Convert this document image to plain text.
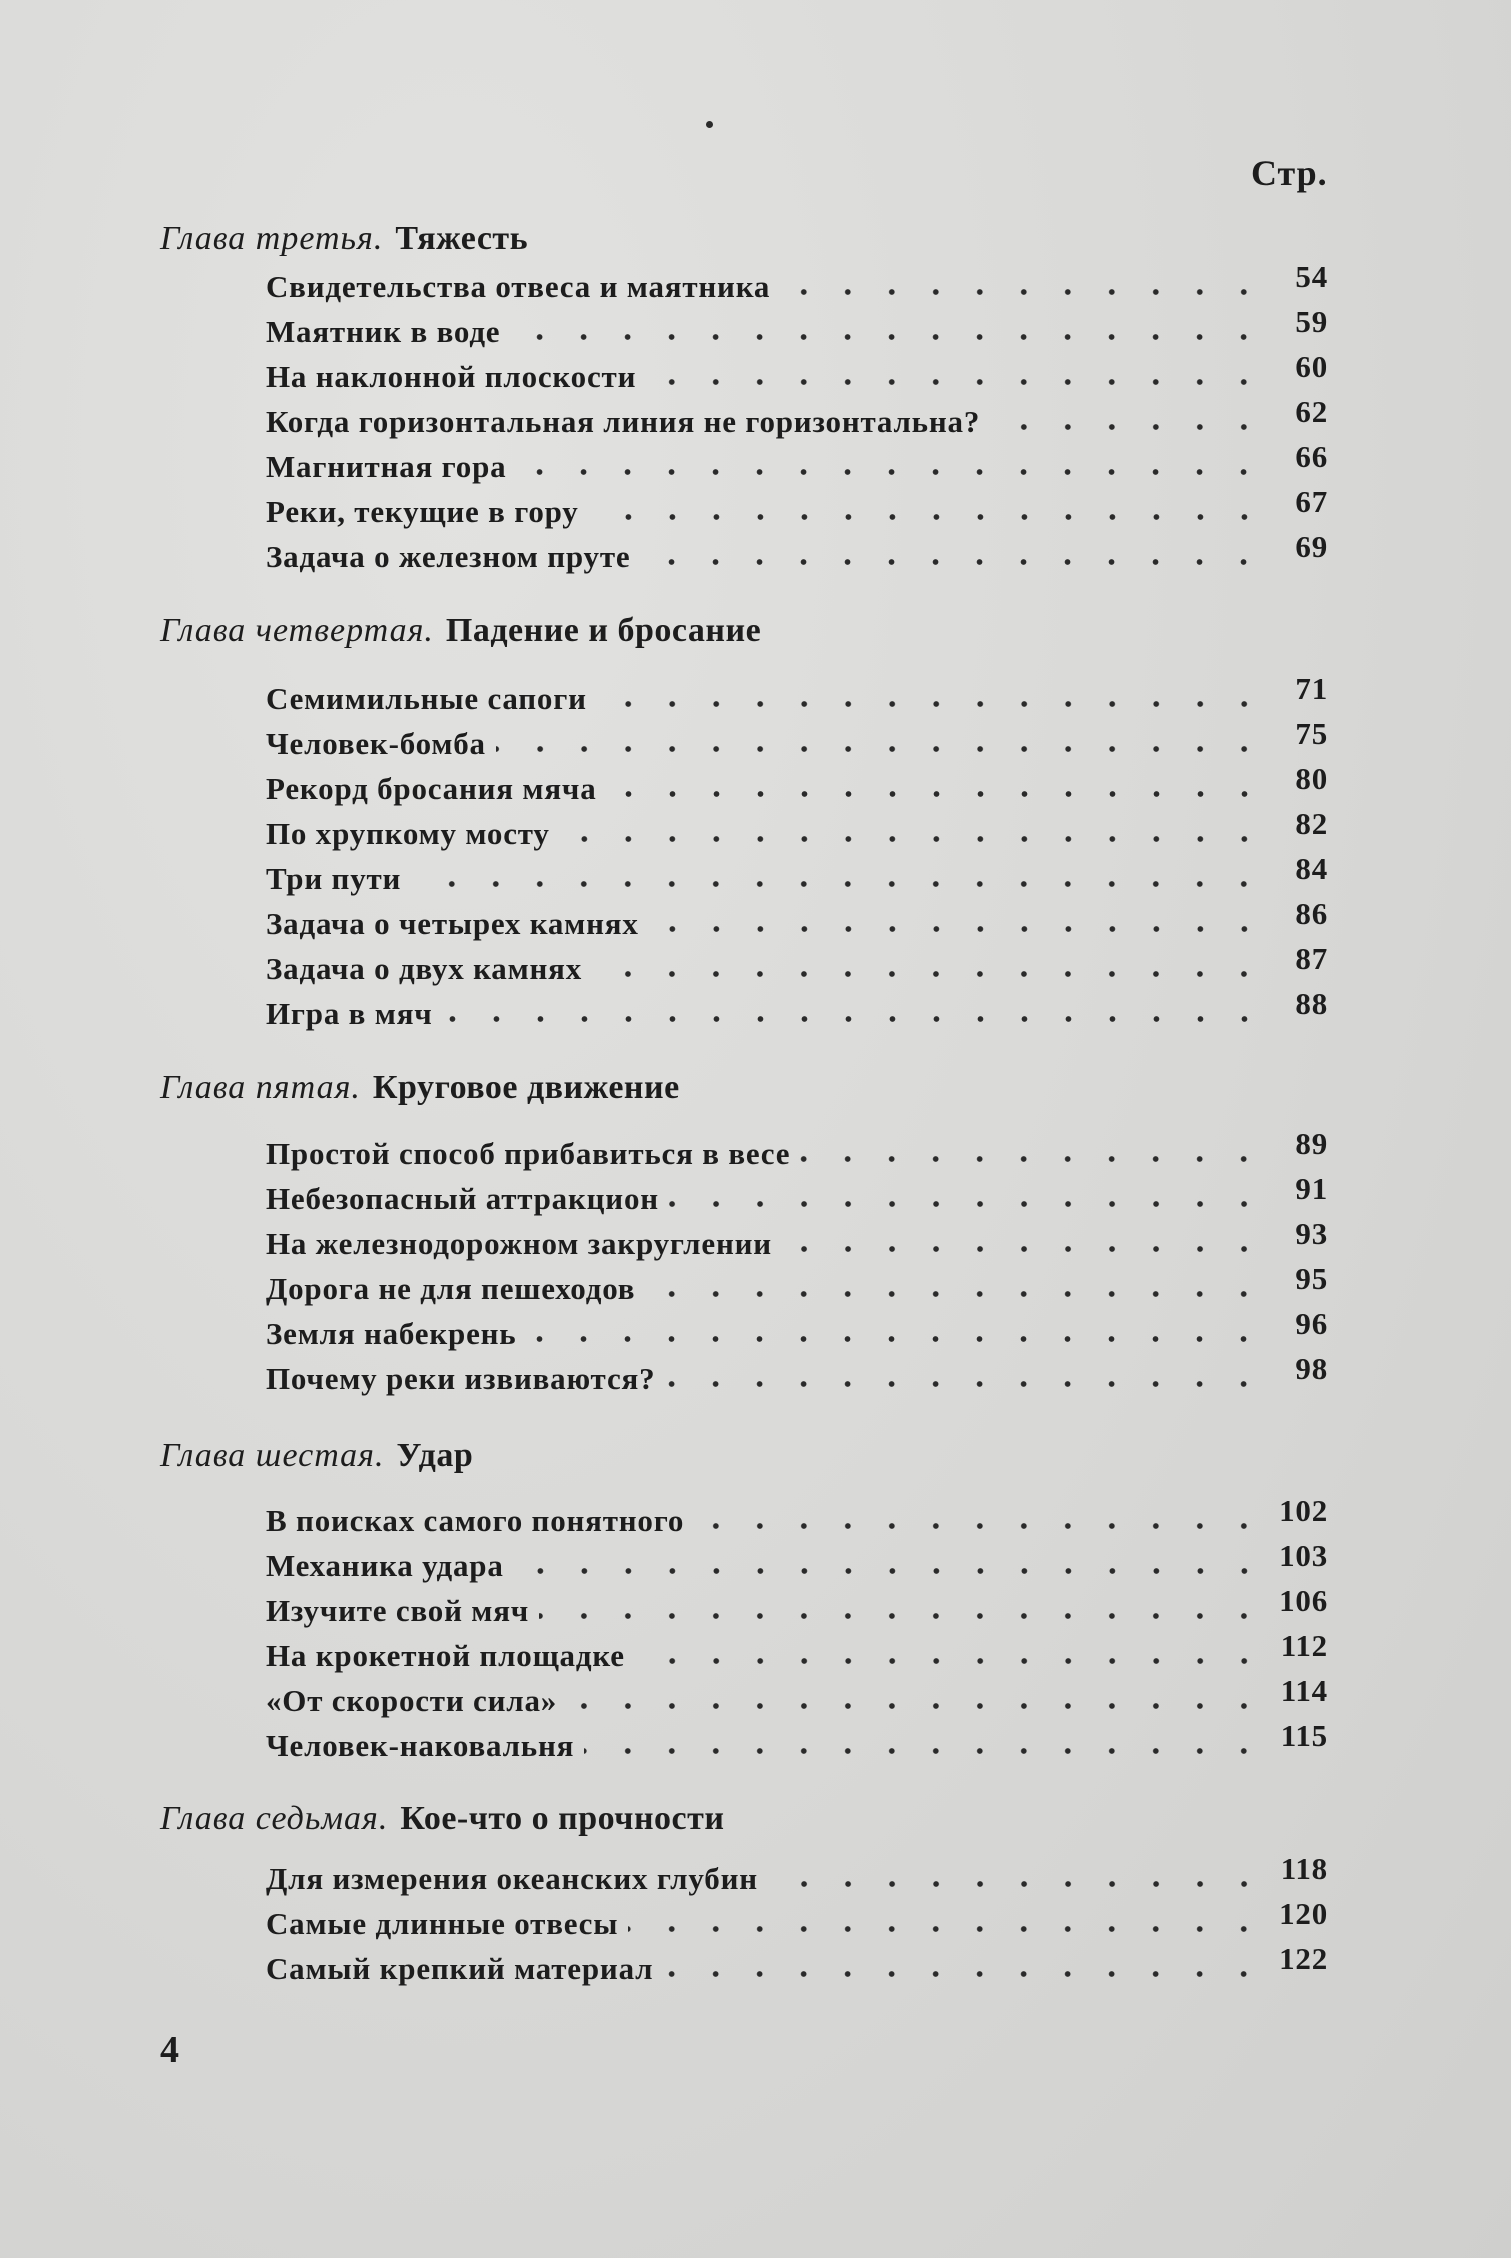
Стр.
Глава третья. Тяжесть
Свидетельства отвеса и маятника	54
Маятник в воде	59
На наклонной плоскости	60
Когда горизонтальная линия не горизонтальна?	62
Магнитная гора	66
Реки, текущие в гору	67
Задача о железном пруте	69
Глава четвертая. Падение и бросание
Семимильные сапоги	71
Человек-бомба	75
Рекорд бросания мяча	80
По хрупкому мосту	82
Три пути	84
Задача о четырех камнях	86
Задача о двух камнях	87
Игра в мяч	88
Глава пятая. Круговое движение
Простой способ прибавиться в весе	89
Небезопасный аттракцион	91
На железнодорожном закруглении	93
Дорога не для пешеходов	95
Земля набекрень	96
Почему реки извиваются?	98
Глава шестая. Удар
В поисках самого понятного	102
Механика удара	103
Изучите свой мяч	106
На крокетной площадке	112
«От скорости сила»	114
Человек-наковальня	115
Глава седьмая. Кое-что о прочности
Для измерения океанских глубин	118
Самые длинные отвесы	120
Самый крепкий материал	122
4
